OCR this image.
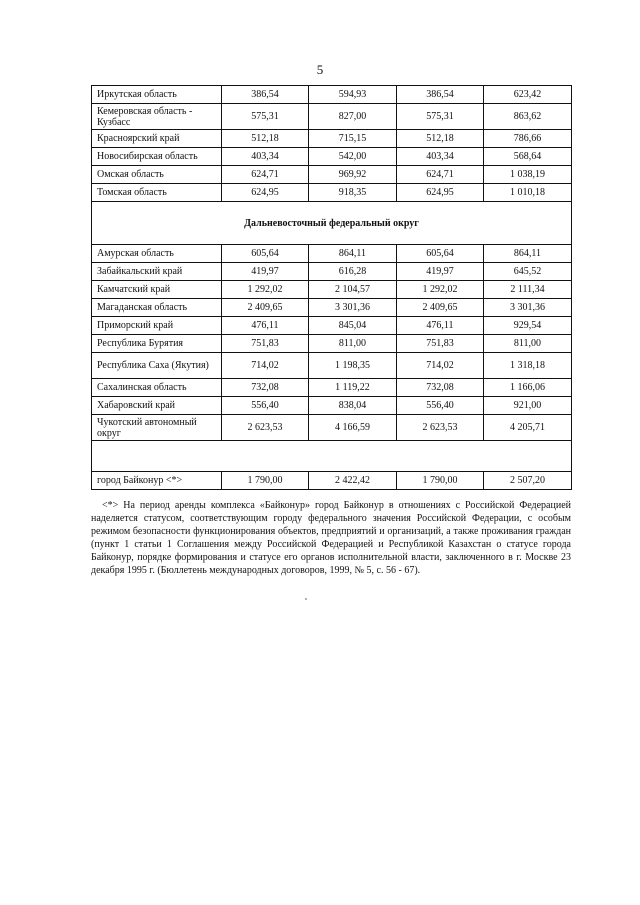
5
Иркутская область	386,54	594,93	386,54	623,42
Кемеровская область - Кузбасс	575,31	827,00	575,31	863,62
Красноярский край	512,18	715,15	512,18	786,66
Новосибирская область	403,34	542,00	403,34	568,64
Омская область	624,71	969,92	624,71	1 038,19
Томская область	624,95	918,35	624,95	1 010,18
Дальневосточный федеральный округ				
Амурская область	605,64	864,11	605,64	864,11
Забайкальский край	419,97	616,28	419,97	645,52
Камчатский край	1 292,02	2 104,57	1 292,02	2 111,34
Магаданская область	2 409,65	3 301,36	2 409,65	3 301,36
Приморский край	476,11	845,04	476,11	929,54
Республика Бурятия	751,83	811,00	751,83	811,00
Республика Саха (Якутия)	714,02	1 198,35	714,02	1 318,18
Сахалинская область	732,08	1 119,22	732,08	1 166,06
Хабаровский край	556,40	838,04	556,40	921,00
Чукотский автономный округ	2 623,53	4 166,59	2 623,53	4 205,71

город Байконур <*>	1 790,00	2 422,42	1 790,00	2 507,20
<*> На период аренды комплекса «Байконур» город Байконур в отношениях с Российской Федерацией наделяется статусом, соответствующим городу федерального значения Российской Федерации, с особым режимом безопасности функционирования объектов, предприятий и организаций, а также проживания граждан (пункт 1 статьи 1 Соглашения между Российской Федерацией и Республикой Казахстан о статусе города Байконур, порядке формирования и статусе его органов исполнительной власти, заключенного в г. Москве 23 декабря 1995 г. (Бюллетень международных договоров, 1999, № 5, с. 56 - 67).
